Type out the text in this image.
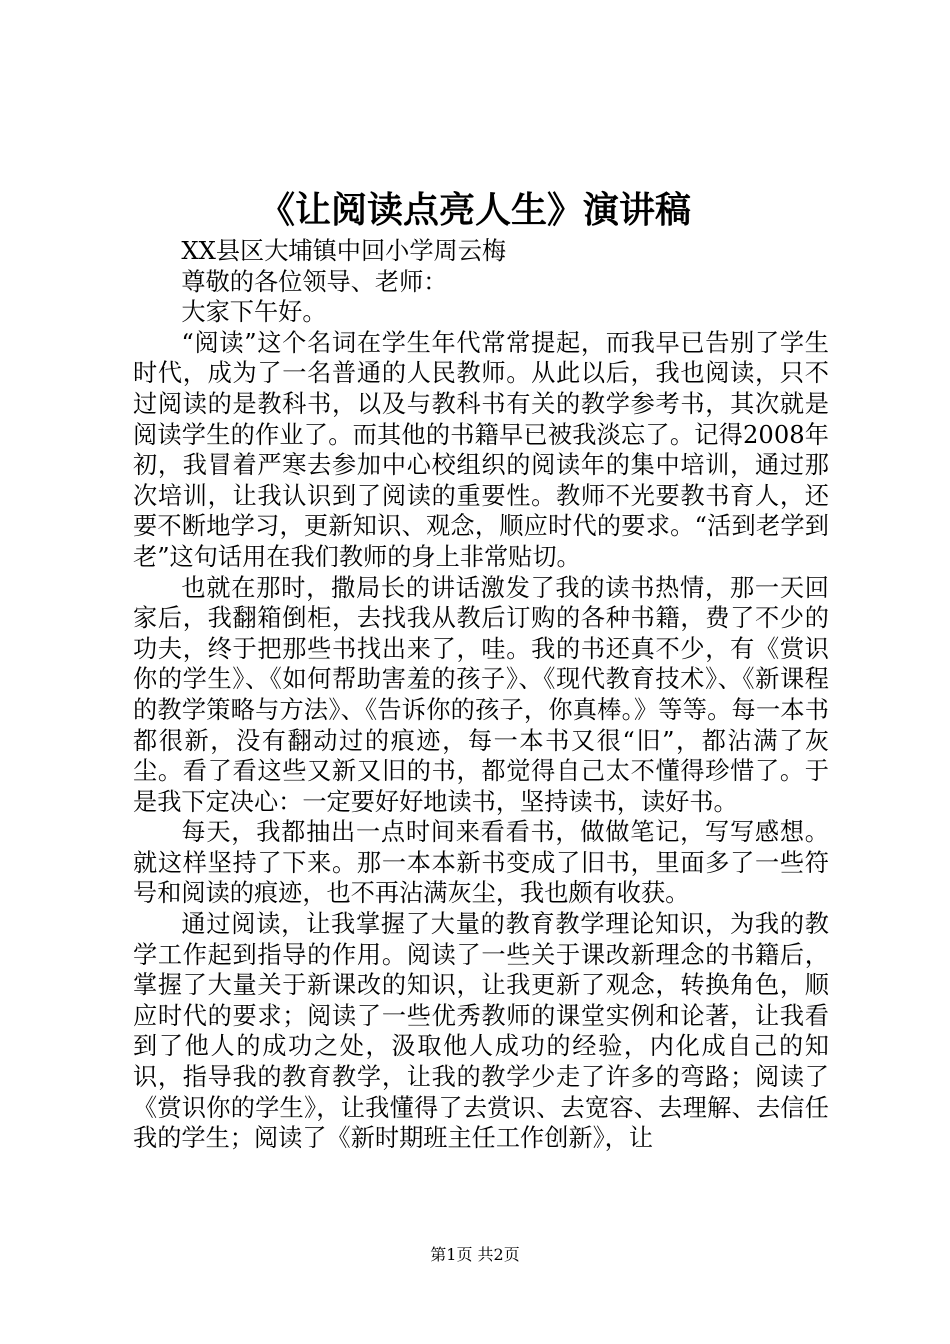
《让阅读点亮人生》演讲稿

XX县区大埔镇中回小学周云梅

尊敬的各位领导、老师：

大家下午好。

“阅读”这个名词在学生年代常常提起，而我早已告别了学生时代，成为了一名普通的人民教师。从此以后，我也阅读，只不过阅读的是教科书，以及与教科书有关的教学参考书，其次就是阅读学生的作业了。而其他的书籍早已被我淡忘了。记得2008年初，我冒着严寒去参加中心校组织的阅读年的集中培训，通过那次培训，让我认识到了阅读的重要性。教师不光要教书育人，还要不断地学习，更新知识、观念，顺应时代的要求。“活到老学到老”这句话用在我们教师的身上非常贴切。

也就在那时，撒局长的讲话激发了我的读书热情，那一天回家后，我翻箱倒柜，去找我从教后订购的各种书籍，费了不少的功夫，终于把那些书找出来了，哇。我的书还真不少，有《赏识你的学生》、《如何帮助害羞的孩子》、《现代教育技术》、《新课程的教学策略与方法》、《告诉你的孩子，你真棒。》等等。每一本书都很新，没有翻动过的痕迹，每一本书又很“旧”，都沾满了灰尘。看了看这些又新又旧的书，都觉得自己太不懂得珍惜了。于是我下定决心：一定要好好地读书，坚持读书，读好书。

每天，我都抽出一点时间来看看书，做做笔记，写写感想。就这样坚持了下来。那一本本新书变成了旧书，里面多了一些符号和阅读的痕迹，也不再沾满灰尘，我也颇有收获。

通过阅读，让我掌握了大量的教育教学理论知识，为我的教学工作起到指导的作用。阅读了一些关于课改新理念的书籍后，掌握了大量关于新课改的知识，让我更新了观念，转换角色，顺应时代的要求；阅读了一些优秀教师的课堂实例和论著，让我看到了他人的成功之处，汲取他人成功的经验，内化成自己的知识，指导我的教育教学，让我的教学少走了许多的弯路；阅读了《赏识你的学生》，让我懂得了去赏识、去宽容、去理解、去信任我的学生；阅读了《新时期班主任工作创新》，让

第1页 共2页
